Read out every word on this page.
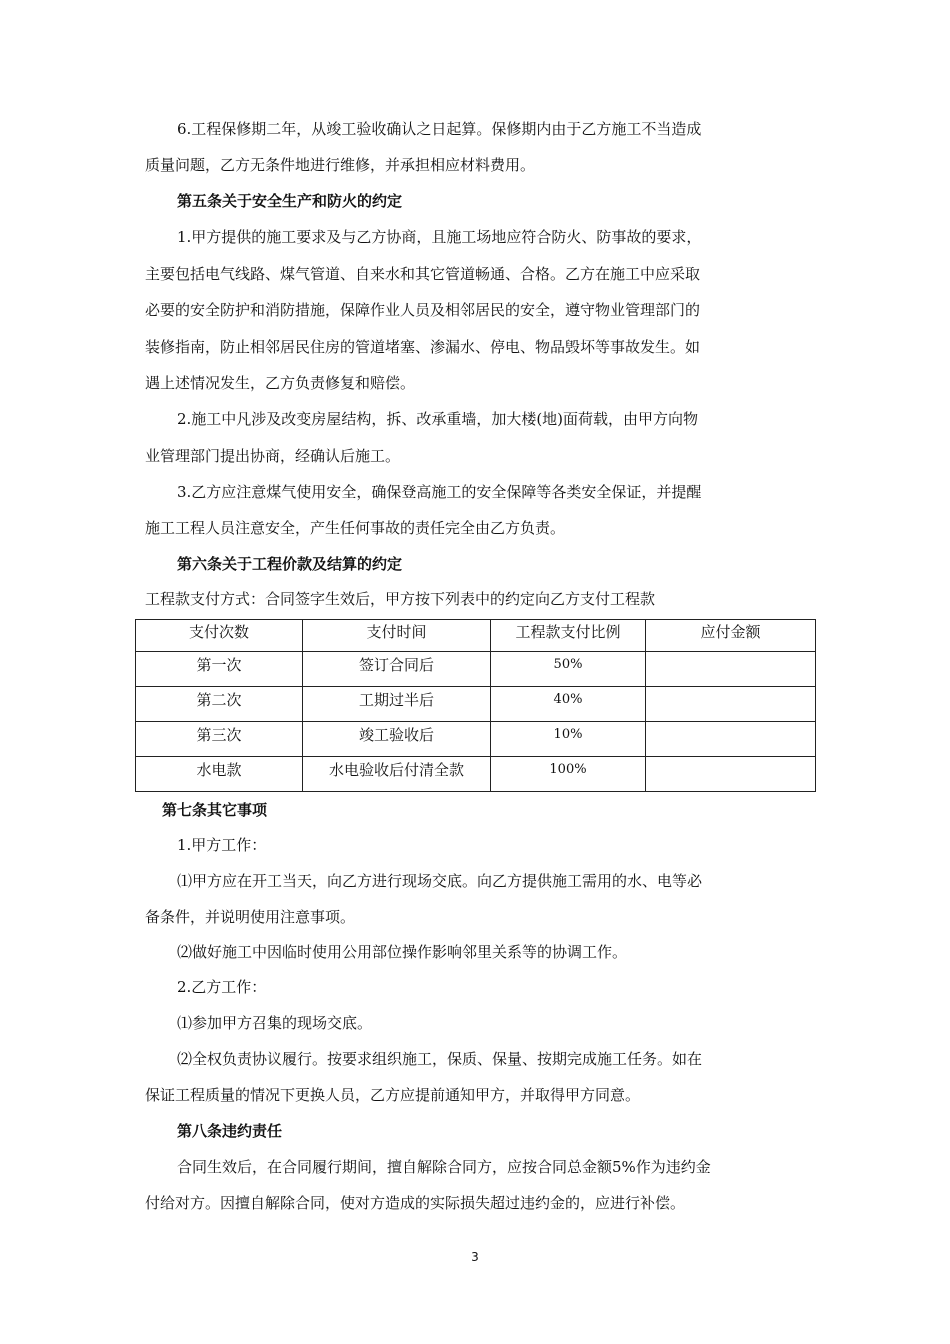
6.工程保修期二年，从竣工验收确认之日起算。保修期内由于乙方施工不当造成
质量问题，乙方无条件地进行维修，并承担相应材料费用。
第五条关于安全生产和防火的约定
1.甲方提供的施工要求及与乙方协商，且施工场地应符合防火、防事故的要求，
主要包括电气线路、煤气管道、自来水和其它管道畅通、合格。乙方在施工中应采取
必要的安全防护和消防措施，保障作业人员及相邻居民的安全，遵守物业管理部门的
装修指南，防止相邻居民住房的管道堵塞、渗漏水、停电、物品毁坏等事故发生。如
遇上述情况发生，乙方负责修复和赔偿。
2.施工中凡涉及改变房屋结构，拆、改承重墙，加大楼(地)面荷载，由甲方向物
业管理部门提出协商，经确认后施工。
3.乙方应注意煤气使用安全，确保登高施工的安全保障等各类安全保证，并提醒
施工工程人员注意安全，产生任何事故的责任完全由乙方负责。
第六条关于工程价款及结算的约定
工程款支付方式：合同签字生效后，甲方按下列表中的约定向乙方支付工程款
支付次数	支付时间	工程款支付比例	应付金额
第一次	签订合同后	50%	
第二次	工期过半后	40%	
第三次	竣工验收后	10%	
水电款	水电验收后付清全款	100%	
第七条其它事项
1.甲方工作：
⑴甲方应在开工当天，向乙方进行现场交底。向乙方提供施工需用的水、电等必
备条件，并说明使用注意事项。
⑵做好施工中因临时使用公用部位操作影响邻里关系等的协调工作。
2.乙方工作：
⑴参加甲方召集的现场交底。
⑵全权负责协议履行。按要求组织施工，保质、保量、按期完成施工任务。如在
保证工程质量的情况下更换人员，乙方应提前通知甲方，并取得甲方同意。
第八条违约责任
合同生效后，在合同履行期间，擅自解除合同方，应按合同总金额5%作为违约金
付给对方。因擅自解除合同，使对方造成的实际损失超过违约金的，应进行补偿。
3
